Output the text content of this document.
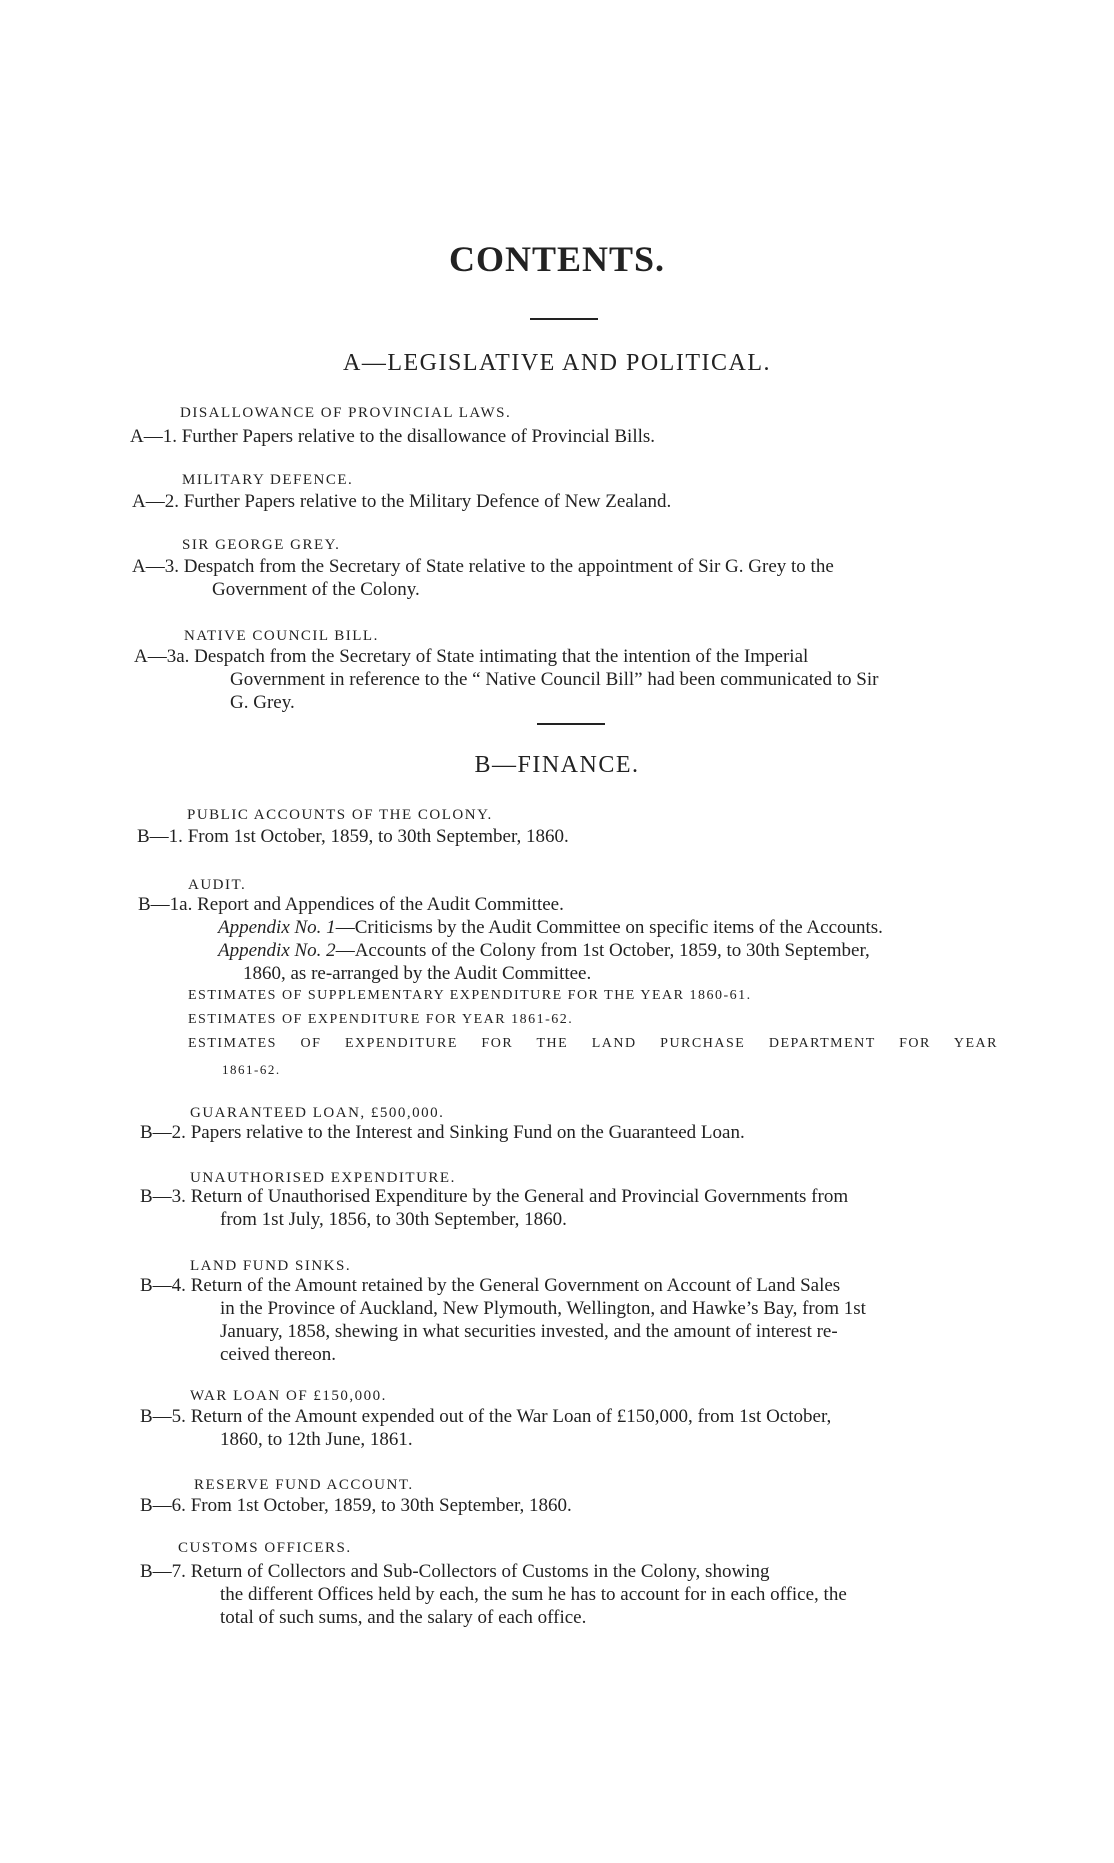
CONTENTS.
A—LEGISLATIVE AND POLITICAL.
DISALLOWANCE OF PROVINCIAL LAWS.
A—1. Further Papers relative to the disallowance of Provincial Bills.
MILITARY DEFENCE.
A—2. Further Papers relative to the Military Defence of New Zealand.
SIR GEORGE GREY.
A—3. Despatch from the Secretary of State relative to the appointment of Sir G. Grey to the
Government of the Colony.
NATIVE COUNCIL BILL.
A—3a. Despatch from the Secretary of State intimating that the intention of the Imperial
Government in reference to the “ Native Council Bill” had been communicated to Sir
G. Grey.
B—FINANCE.
PUBLIC ACCOUNTS OF THE COLONY.
B—1. From 1st October, 1859, to 30th September, 1860.
AUDIT.
B—1a. Report and Appendices of the Audit Committee.
Appendix No. 1—Criticisms by the Audit Committee on specific items of the Accounts.
Appendix No. 2—Accounts of the Colony from 1st October, 1859, to 30th September,
1860, as re-arranged by the Audit Committee.
ESTIMATES OF SUPPLEMENTARY EXPENDITURE FOR THE YEAR 1860-61.
ESTIMATES OF EXPENDITURE FOR YEAR 1861-62.
ESTIMATES OF EXPENDITURE FOR THE LAND PURCHASE DEPARTMENT FOR YEAR
1861-62.
GUARANTEED LOAN, £500,000.
B—2. Papers relative to the Interest and Sinking Fund on the Guaranteed Loan.
UNAUTHORISED EXPENDITURE.
B—3. Return of Unauthorised Expenditure by the General and Provincial Governments from
from 1st July, 1856, to 30th September, 1860.
LAND FUND SINKS.
B—4. Return of the Amount retained by the General Government on Account of Land Sales
in the Province of Auckland, New Plymouth, Wellington, and Hawke’s Bay, from 1st
January, 1858, shewing in what securities invested, and the amount of interest re-
ceived thereon.
WAR LOAN OF £150,000.
B—5. Return of the Amount expended out of the War Loan of £150,000, from 1st October,
1860, to 12th June, 1861.
RESERVE FUND ACCOUNT.
B—6. From 1st October, 1859, to 30th September, 1860.
CUSTOMS OFFICERS.
B—7. Return of Collectors and Sub-Collectors of Customs in the Colony, showing
the different Offices held by each, the sum he has to account for in each office, the
total of such sums, and the salary of each office.
